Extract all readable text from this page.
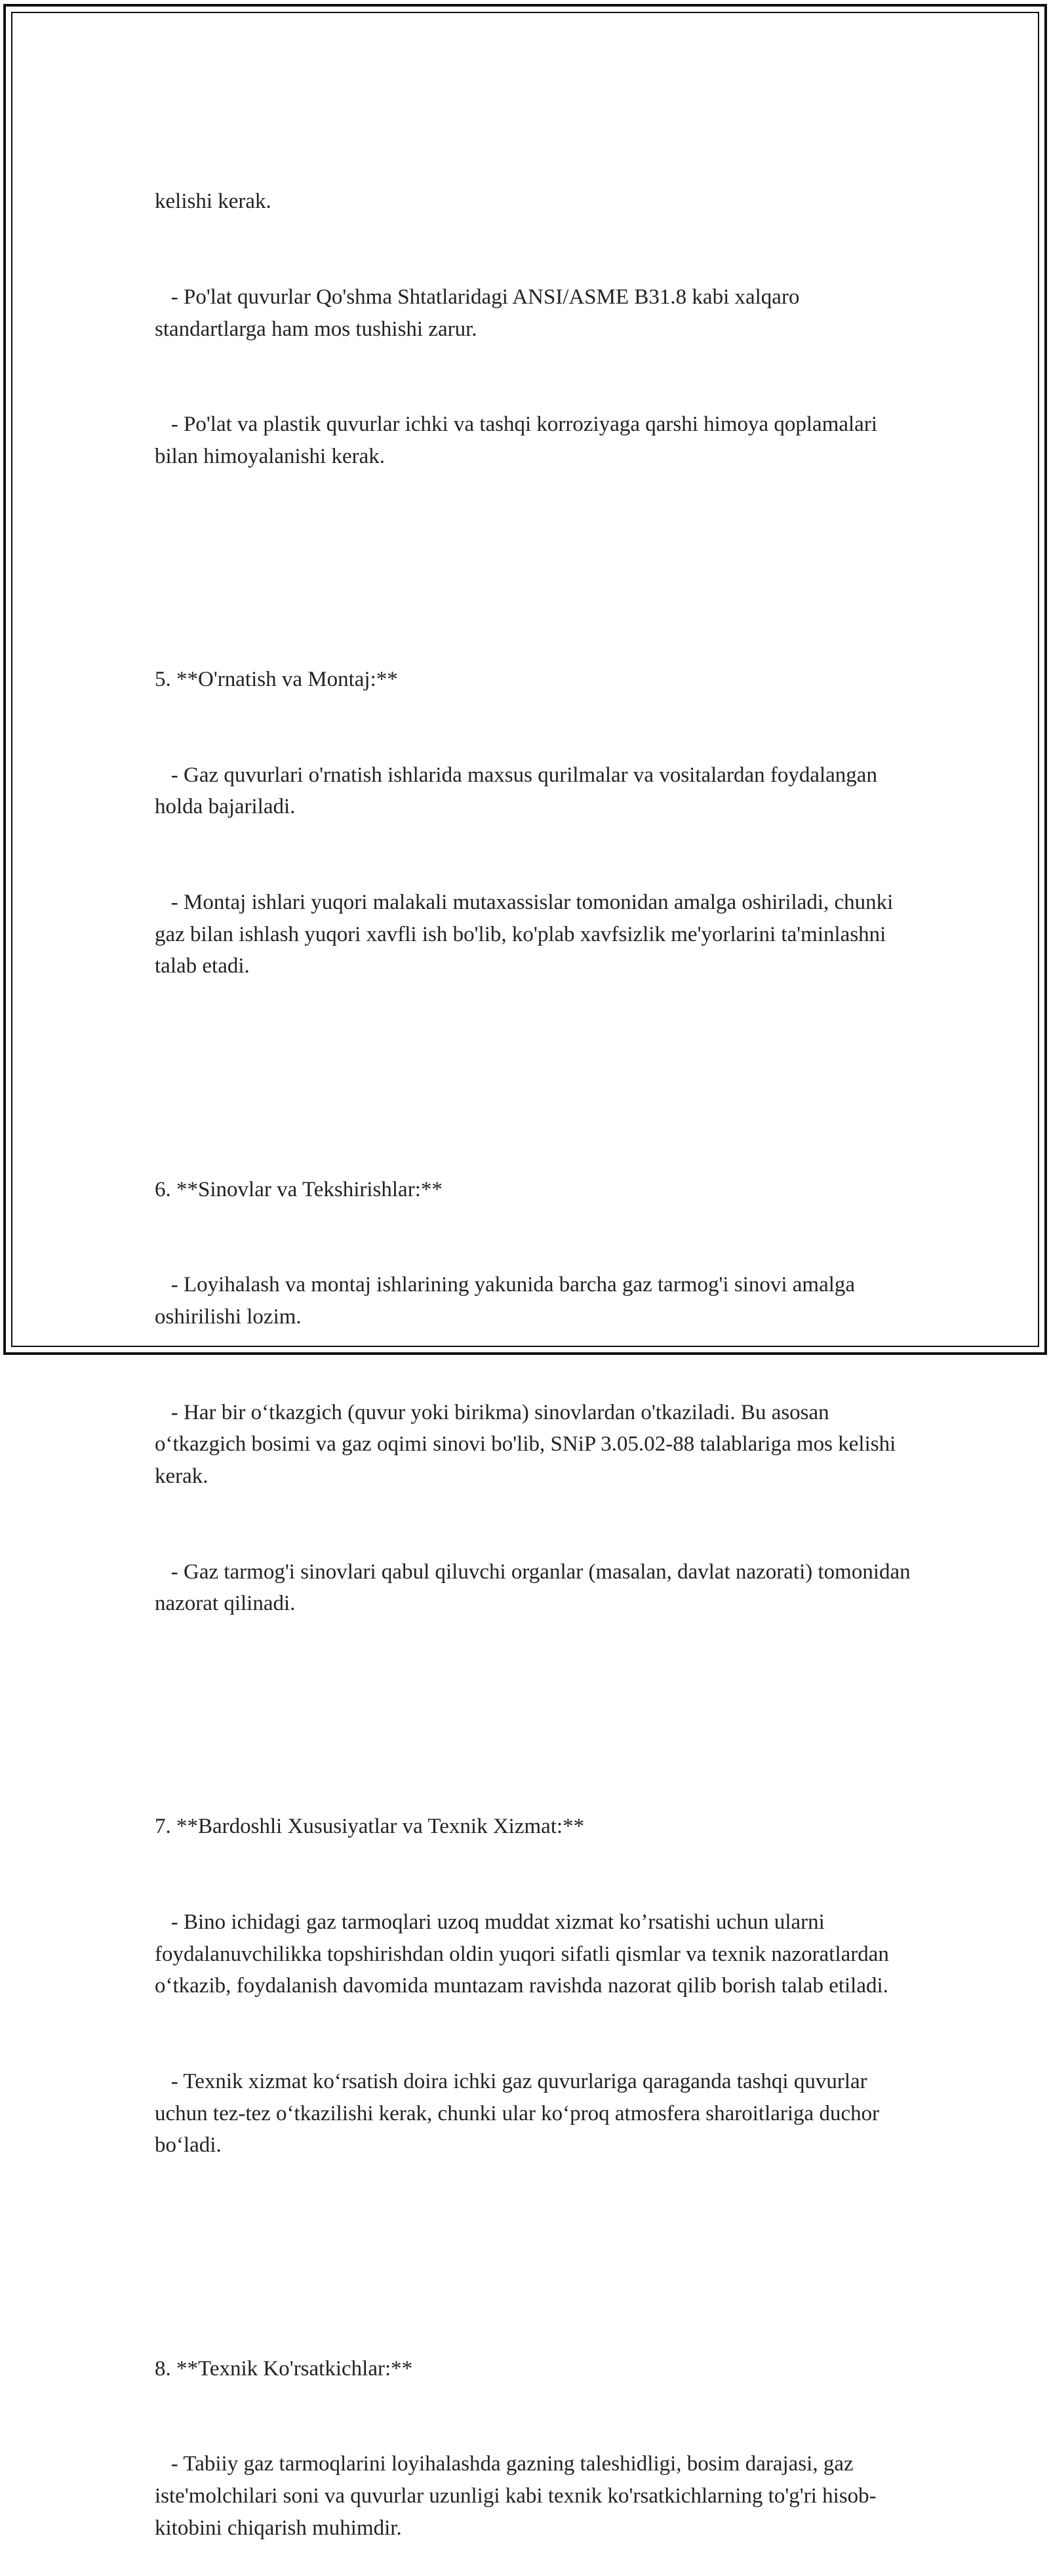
kelishi kerak.

- Po'lat quvurlar Qo'shma Shtatlaridagi ANSI/ASME B31.8 kabi xalqaro standartlarga ham mos tushishi zarur.

- Po'lat va plastik quvurlar ichki va tashqi korroziyaga qarshi himoya qoplamalari bilan himoyalanishi kerak.

5. **O'rnatish va Montaj:**

- Gaz quvurlari o'rnatish ishlarida maxsus qurilmalar va vositalardan foydalangan holda bajariladi.

- Montaj ishlari yuqori malakali mutaxassislar tomonidan amalga oshiriladi, chunki gaz bilan ishlash yuqori xavfli ish bo'lib, ko'plab xavfsizlik me'yorlarini ta'minlashni talab etadi.

6. **Sinovlar va Tekshirishlar:**

- Loyihalash va montaj ishlarining yakunida barcha gaz tarmog'i sinovi amalga oshirilishi lozim.

- Har bir o‘tkazgich (quvur yoki birikma) sinovlardan o'tkaziladi. Bu asosan o‘tkazgich bosimi va gaz oqimi sinovi bo'lib, SNiP 3.05.02-88 talablariga mos kelishi kerak.

- Gaz tarmog'i sinovlari qabul qiluvchi organlar (masalan, davlat nazorati) tomonidan nazorat qilinadi.

7. **Bardoshli Xususiyatlar va Texnik Xizmat:**

- Bino ichidagi gaz tarmoqlari uzoq muddat xizmat ko’rsatishi uchun ularni foydalanuvchilikka topshirishdan oldin yuqori sifatli qismlar va texnik nazoratlardan o‘tkazib, foydalanish davomida muntazam ravishda nazorat qilib borish talab etiladi.

- Texnik xizmat ko‘rsatish doira ichki gaz quvurlariga qaraganda tashqi quvurlar uchun tez-tez o‘tkazilishi kerak, chunki ular ko‘proq atmosfera sharoitlariga duchor bo‘ladi.

8. **Texnik Ko'rsatkichlar:**

- Tabiiy gaz tarmoqlarini loyihalashda gazning taleshidligi, bosim darajasi, gaz iste'molchilari soni va quvurlar uzunligi kabi texnik ko'rsatkichlarning to'g'ri hisob-kitobini chiqarish muhimdir.
